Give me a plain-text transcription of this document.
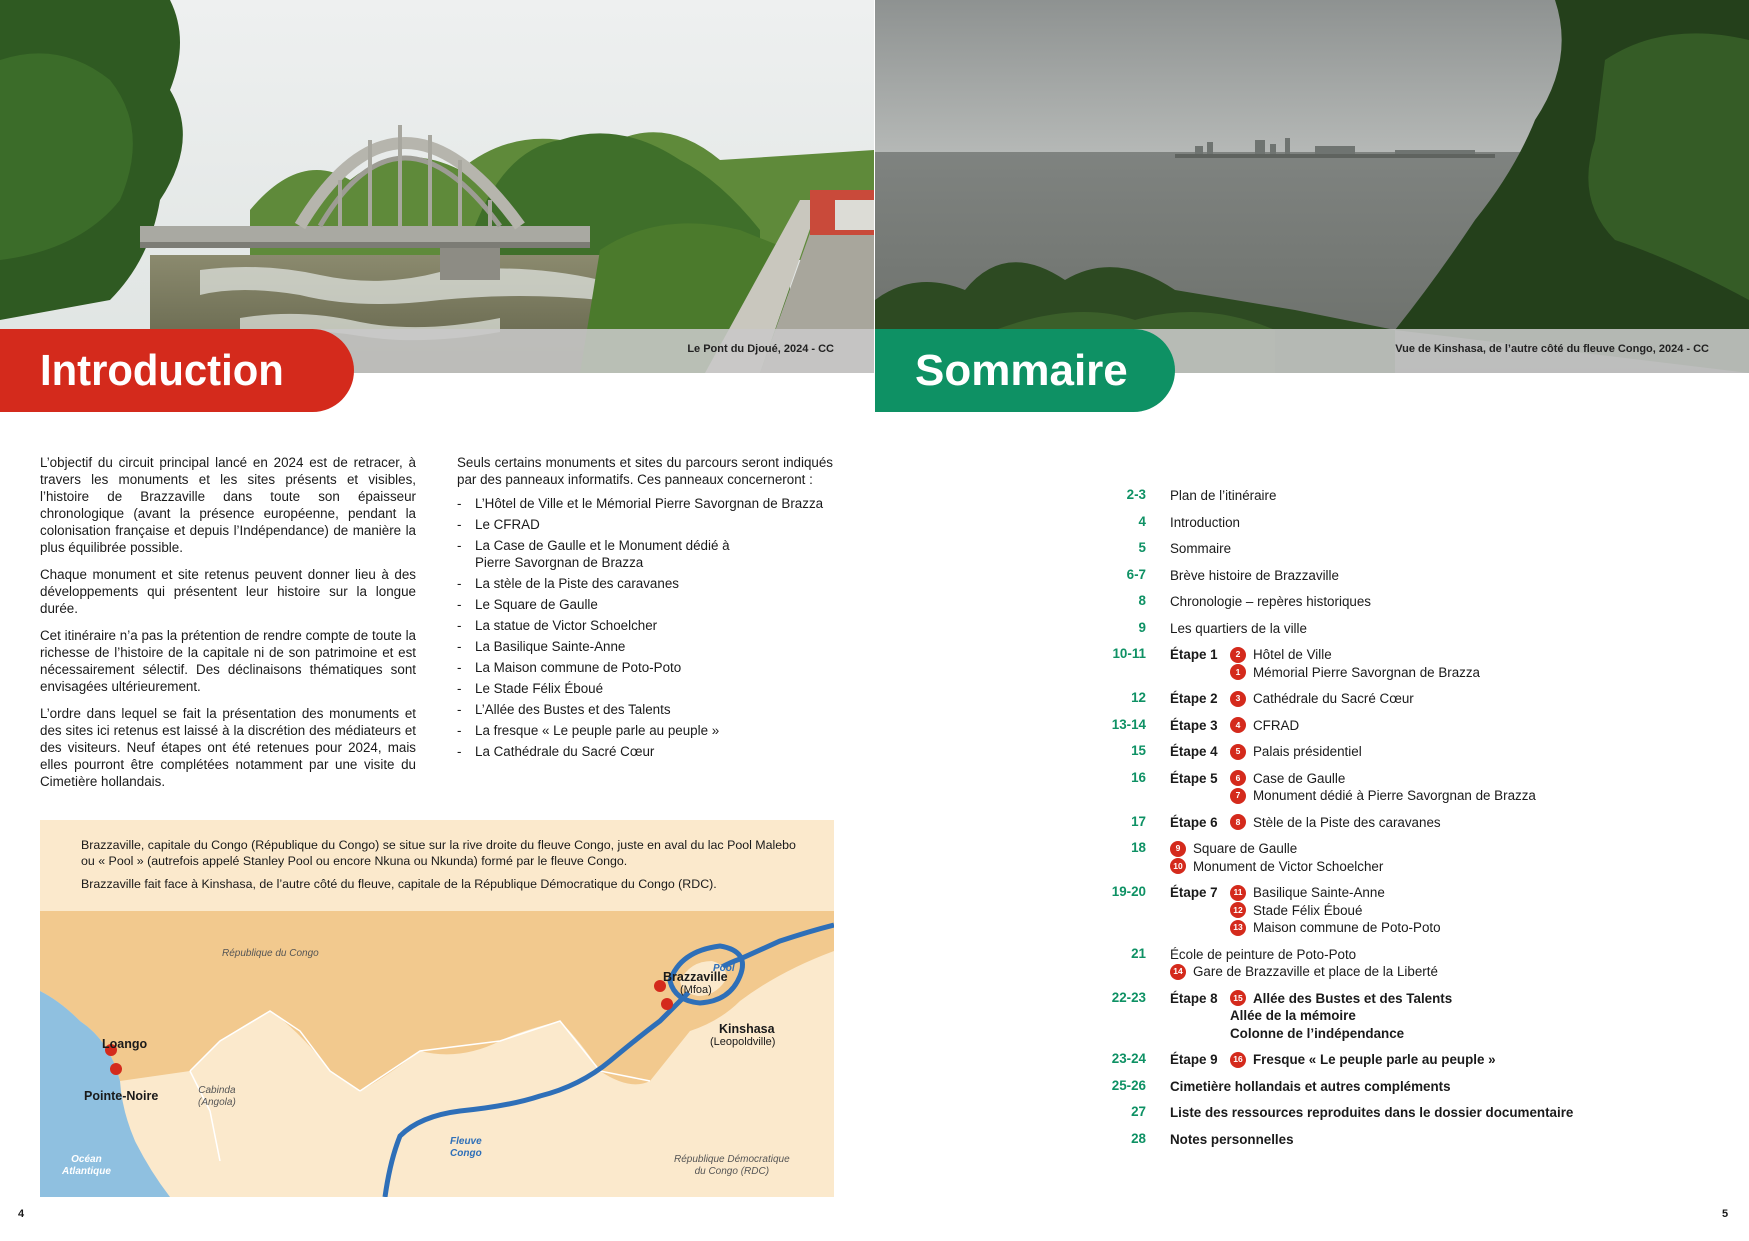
Le Pont du Djoué, 2024 - CC	Vue de Kinshasa, de l’autre côté du fleuve Congo, 2024 - CC
Introduction	Sommaire

L’objectif du circuit principal lancé en 2024 est de retracer, à travers les monuments et les sites présents et visibles, l’histoire de Brazzaville dans toute son épaisseur chronologique (avant la présence européenne, pendant la colonisation française et depuis l’Indépendance) de manière la plus équilibrée possible.

Chaque monument et site retenus peuvent donner lieu à des développements qui présentent leur histoire sur la longue durée.

Cet itinéraire n’a pas la prétention de rendre compte de toute la richesse de l’histoire de la capitale ni de son patrimoine et est nécessairement sélectif. Des déclinaisons thématiques sont envisagées ultérieurement.

L’ordre dans lequel se fait la présentation des monuments et des sites ici retenus est laissé à la discrétion des médiateurs et des visiteurs. Neuf étapes ont été retenues pour 2024, mais elles pourront être complétées notamment par une visite du Cimetière hollandais.

Seuls certains monuments et sites du parcours seront indiqués par des panneaux informatifs. Ces panneaux concerneront :

- L’Hôtel de Ville et le Mémorial Pierre Savorgnan de Brazza
- Le CFRAD
- La Case de Gaulle et le Monument dédié à Pierre Savorgnan de Brazza
- La stèle de la Piste des caravanes
- Le Square de Gaulle
- La statue de Victor Schoelcher
- La Basilique Sainte-Anne
- La Maison commune de Poto-Poto
- Le Stade Félix Éboué
- L’Allée des Bustes et des Talents
- La fresque « Le peuple parle au peuple »
- La Cathédrale du Sacré Cœur

Brazzaville, capitale du Congo (République du Congo) se situe sur la rive droite du fleuve Congo, juste en aval du lac Pool Malebo ou « Pool » (autrefois appelé Stanley Pool ou encore Nkuna ou Nkunda) formé par le fleuve Congo.

Brazzaville fait face à Kinshasa, de l’autre côté du fleuve, capitale de la République Démocratique du Congo (RDC).

République du Congo
Pool
Brazzaville
(Mfoa)
Kinshasa
(Leopoldville)
Loango
Pointe-Noire	Cabinda
(Angola)
Fleuve
Congo
Océan
Atlantique
République Démocratique
du Congo (RDC)
4
2-3 Plan de l’itinéraire
4 Introduction
5 Sommaire
6-7 Brève histoire de Brazzaville
8 Chronologie – repères historiques
9 Les quartiers de la ville
10-11 Étape 1	2 Hôtel de Ville
1 Mémorial Pierre Savorgnan de Brazza
12 Étape 2	3 Cathédrale du Sacré Cœur
13-14 Étape 3	4 CFRAD
15 Étape 4	5 Palais présidentiel
16 Étape 5	6 Case de Gaulle
7 Monument dédié à Pierre Savorgnan de Brazza
17 Étape 6	8 Stèle de la Piste des caravanes
18	9 Square de Gaulle
10 Monument de Victor Schoelcher
19-20 Étape 7	11 Basilique Sainte-Anne
12 Stade Félix Éboué
13 Maison commune de Poto-Poto
21 École de peinture de Poto-Poto
14 Gare de Brazzaville et place de la Liberté
22-23 Étape 8	15 Allée des Bustes et des Talents
Allée de la mémoire
Colonne de l’indépendance
23-24 Étape 9	16 Fresque « Le peuple parle au peuple »
25-26 Cimetière hollandais et autres compléments
27 Liste des ressources reproduites dans le dossier documentaire
28 Notes personnelles
5
